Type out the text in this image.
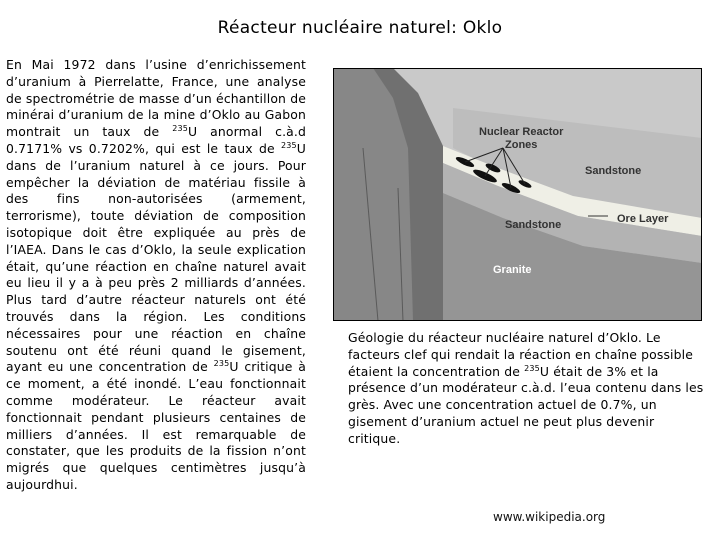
Réacteur nucléaire naturel: Oklo
En Mai 1972 dans l’usine d’enrichissement d’uranium à Pierrelatte, France, une analyse de spectrométrie de masse d’un échantillon de minérai d’uranium de la mine d’Oklo au Gabon montrait un taux de $^{235}$U anormal c.à.d 0.7171% vs 0.7202%, qui est le taux de $^{235}$U dans de l’uranium naturel à ce jours. Pour empêcher la déviation de matériau fissile à des fins non-autorisées (armement, terrorisme), toute déviation de composition isotopique doit être expliquée au près de l’IAEA. Dans le cas d’Oklo, la seule explication était, qu’une réaction en chaîne naturel avait eu lieu il y a à peu près 2 milliards d’années. Plus tard d’autre réacteur naturels ont été trouvés dans la région. Les conditions nécessaires pour une réaction en chaîne soutenu ont été réuni quand le gisement, ayant eu une concentration de $^{235}$U critique à ce moment, a été inondé. L’eau fonctionnait comme modérateur. Le réacteur avait fonctionnait pendant plusieurs centaines de milliers d’années. Il est remarquable de constater, que les produits de la fission n’ont migrés que quelques centimètres jusqu’à aujourdhui.
Nuclear Reactor
Zones
Sandstone
Ore Layer
Sandstone
Granite
Géologie du réacteur nucléaire naturel d’Oklo. Le facteurs clef qui rendait la réaction en chaîne possible étaient la concentration de $^{235}$U était de 3% et la présence d’un modérateur c.à.d. l’eua contenu dans les grès. Avec une concentration actuel de 0.7%, un gisement d’uranium actuel ne peut plus devenir critique.
www.wikipedia.org
